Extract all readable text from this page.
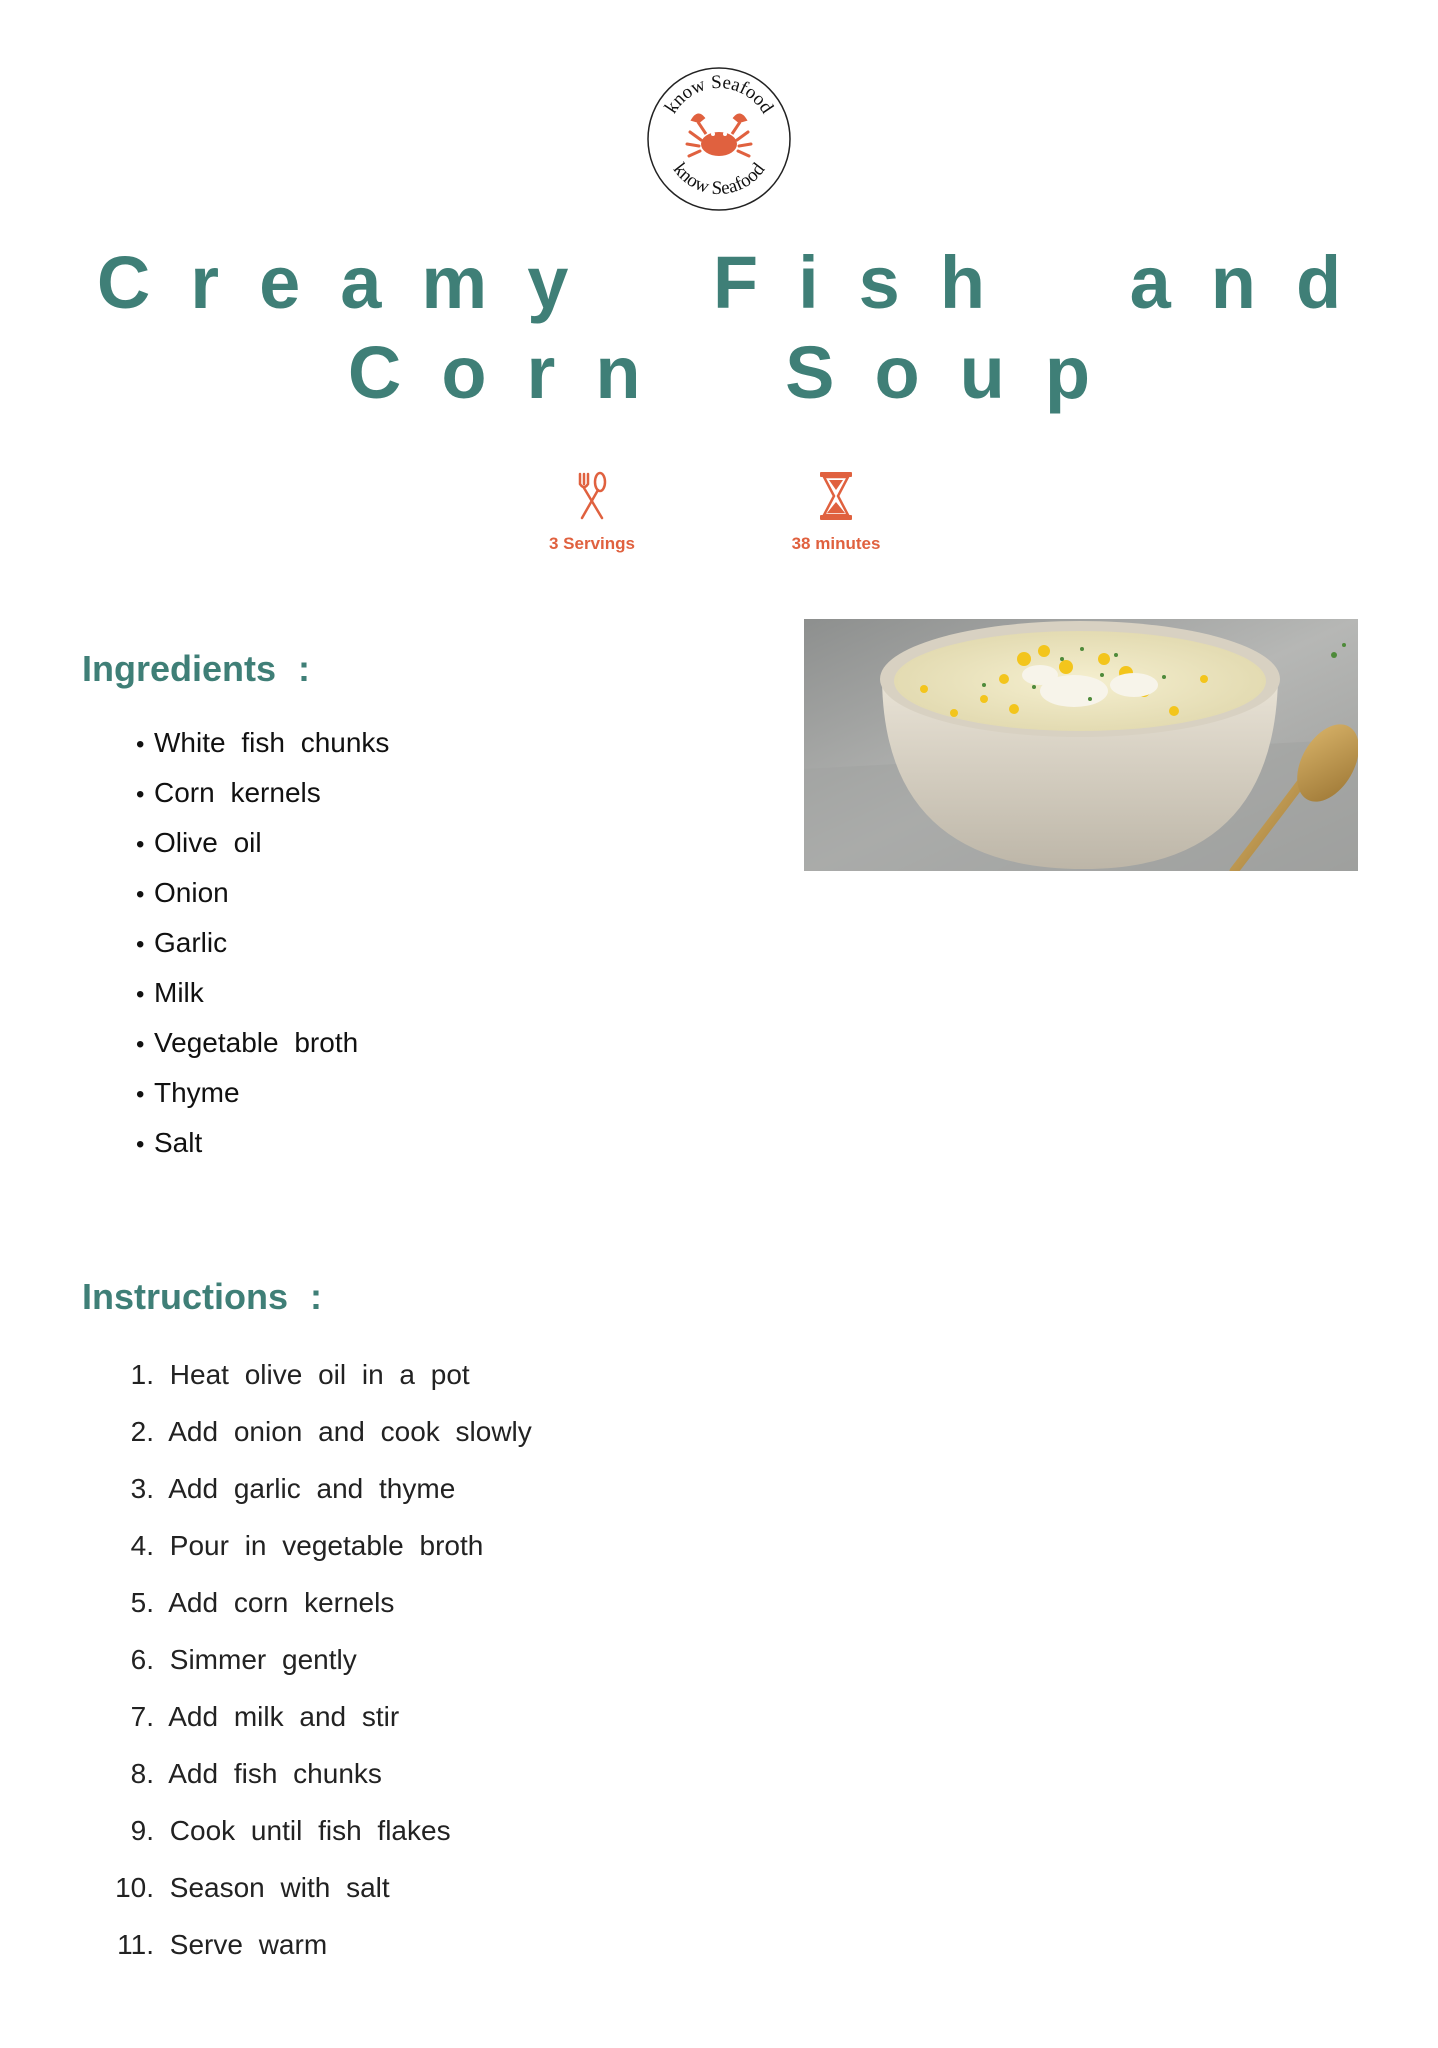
know Seafood
know Seafood
Creamy Fish and
Corn Soup
3 Servings	38 minutes
Ingredients :
• White fish chunks
• Corn kernels
• Olive oil
• Onion
• Garlic
• Milk
• Vegetable broth
• Thyme
• Salt
Instructions :
1. Heat olive oil in a pot
2. Add onion and cook slowly
3. Add garlic and thyme
4. Pour in vegetable broth
5. Add corn kernels
6. Simmer gently
7. Add milk and stir
8. Add fish chunks
9. Cook until fish flakes
10. Season with salt
11. Serve warm
